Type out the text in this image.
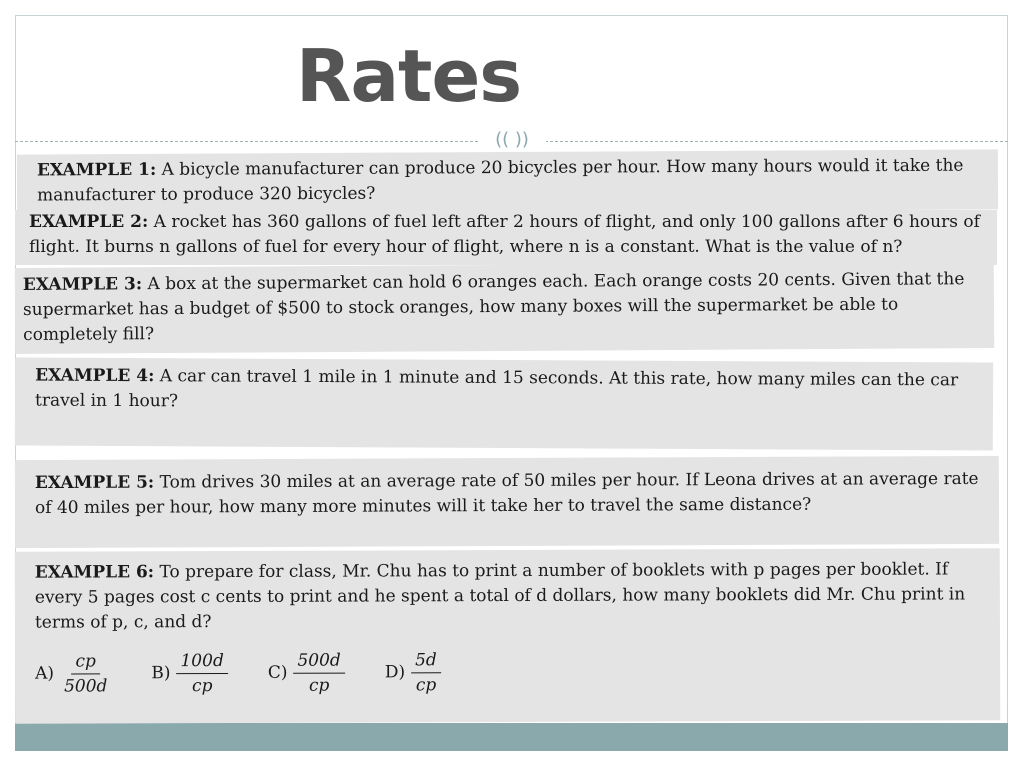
Rates
(( ))
EXAMPLE 1: A bicycle manufacturer can produce 20 bicycles per hour. How many hours would it take the manufacturer to produce 320 bicycles?
EXAMPLE 2: A rocket has 360 gallons of fuel left after 2 hours of flight, and only 100 gallons after 6 hours of flight. It burns n gallons of fuel for every hour of flight, where n is a constant. What is the value of n?
EXAMPLE 3: A box at the supermarket can hold 6 oranges each. Each orange costs 20 cents. Given that the supermarket has a budget of $500 to stock oranges, how many boxes will the supermarket be able to completely fill?
EXAMPLE 4: A car can travel 1 mile in 1 minute and 15 seconds. At this rate, how many miles can the car travel in 1 hour?
EXAMPLE 5: Tom drives 30 miles at an average rate of 50 miles per hour. If Leona drives at an average rate of 40 miles per hour, how many more minutes will it take her to travel the same distance?
EXAMPLE 6: To prepare for class, Mr. Chu has to print a number of booklets with p pages per booklet. If every 5 pages cost c cents to print and he spent a total of d dollars, how many booklets did Mr. Chu print in terms of p, c, and d?
$A) \frac{cp}{500d} B) \frac{100d}{cp} C) \frac{500d}{cp} D) \frac{5d}{cp}$
